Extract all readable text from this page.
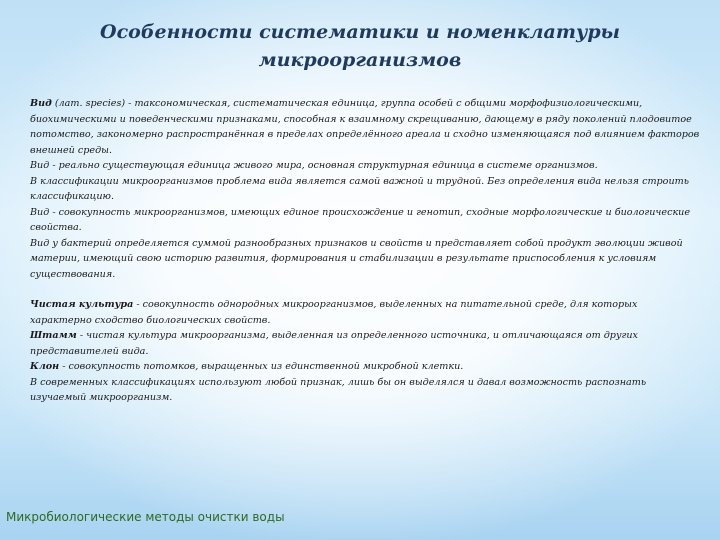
Особенности систематики и номенклатуры
микроорганизмов

Вид (лат. species) - таксономическая, систематическая единица, группа особей с общими морфофизиологическими, биохимическими и поведенческими признаками, способная к взаимному скрещиванию, дающему в ряду поколений плодовитое потомство, закономерно распространённая в пределах определённого ареала и сходно изменяющаяся под влиянием факторов внешней среды.

Вид - реально существующая единица живого мира, основная структурная единица в системе организмов.

В классификации микроорганизмов проблема вида является самой важной и трудной. Без определения вида нельзя строить классификацию.

Вид - совокупность микроорганизмов, имеющих единое происхождение и генотип, сходные морфологические и биологические свойства.

Вид у бактерий определяется суммой разнообразных признаков и свойств и представляет собой продукт эволюции живой материи, имеющий свою историю развития, формирования и стабилизации в результате приспособления к условиям существования.

Чистая культура - совокупность однородных микроорганизмов, выделенных на питательной среде, для которых характерно сходство биологических свойств.

Штамм - чистая культура микроорганизма, выделенная из определенного источника, и отличающаяся от других представителей вида.

Клон - совокупность потомков, выращенных из единственной микробной клетки.

В современных классификациях используют любой признак, лишь бы он выделялся и давал возможность распознать изучаемый микроорганизм.

Микробиологические методы очистки воды
